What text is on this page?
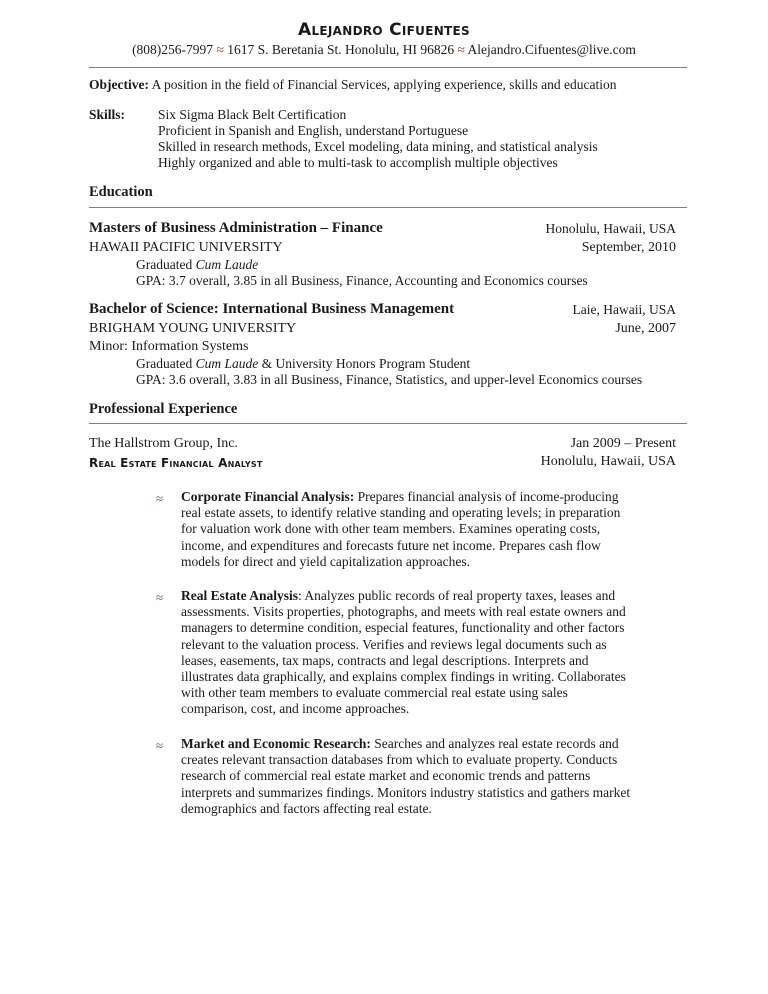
Alejandro Cifuentes
(808)256-7997 ≈ 1617 S. Beretania St. Honolulu, HI 96826 ≈ Alejandro.Cifuentes@live.com
Objective: A position in the field of Financial Services, applying experience, skills and education
Skills: Six Sigma Black Belt Certification
Proficient in Spanish and English, understand Portuguese
Skilled in research methods, Excel modeling, data mining, and statistical analysis
Highly organized and able to multi-task to accomplish multiple objectives
Education
Masters of Business Administration – Finance	Honolulu, Hawaii, USA
HAWAII PACIFIC UNIVERSITY	September, 2010
Graduated Cum Laude
GPA: 3.7 overall, 3.85 in all Business, Finance, Accounting and Economics courses
Bachelor of Science: International Business Management	Laie, Hawaii, USA
BRIGHAM YOUNG UNIVERSITY	June, 2007
Minor: Information Systems
Graduated Cum Laude & University Honors Program Student
GPA: 3.6 overall, 3.83 in all Business, Finance, Statistics, and upper-level Economics courses
Professional Experience
The Hallstrom Group, Inc.	Jan 2009 – Present
Real Estate Financial Analyst	Honolulu, Hawaii, USA
≈ Corporate Financial Analysis: Prepares financial analysis of income-producing
real estate assets, to identify relative standing and operating levels; in preparation
for valuation work done with other team members. Examines operating costs,
income, and expenditures and forecasts future net income. Prepares cash flow
models for direct and yield capitalization approaches.
≈ Real Estate Analysis: Analyzes public records of real property taxes, leases and
assessments. Visits properties, photographs, and meets with real estate owners and
managers to determine condition, especial features, functionality and other factors
relevant to the valuation process. Verifies and reviews legal documents such as
leases, easements, tax maps, contracts and legal descriptions. Interprets and
illustrates data graphically, and explains complex findings in writing. Collaborates
with other team members to evaluate commercial real estate using sales
comparison, cost, and income approaches.
≈ Market and Economic Research: Searches and analyzes real estate records and
creates relevant transaction databases from which to evaluate property. Conducts
research of commercial real estate market and economic trends and patterns
interprets and summarizes findings. Monitors industry statistics and gathers market
demographics and factors affecting real estate.
